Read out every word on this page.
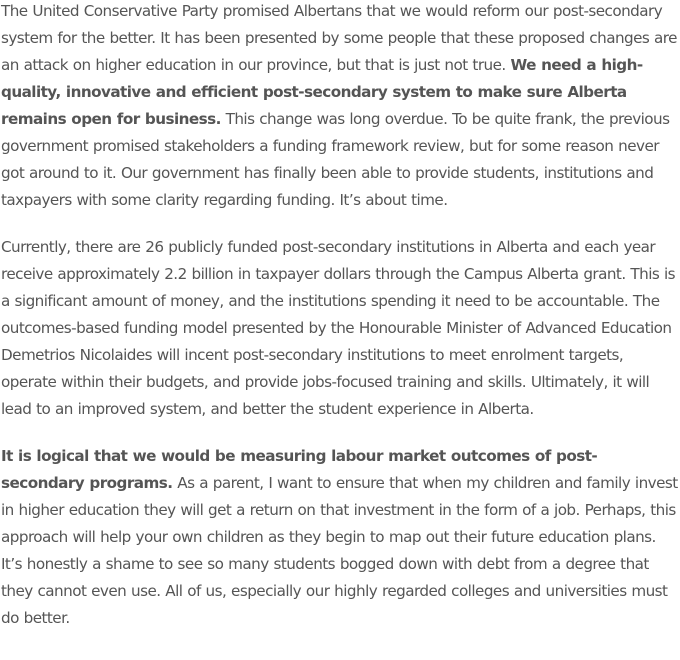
The United Conservative Party promised Albertans that we would reform our post-secondary system for the better. It has been presented by some people that these proposed changes are an attack on higher education in our province, but that is just not true. We need a high-quality, innovative and efficient post-secondary system to make sure Alberta remains open for business. This change was long overdue. To be quite frank, the previous government promised stakeholders a funding framework review, but for some reason never got around to it. Our government has finally been able to provide students, institutions and taxpayers with some clarity regarding funding. It’s about time.

Currently, there are 26 publicly funded post-secondary institutions in Alberta and each year receive approximately 2.2 billion in taxpayer dollars through the Campus Alberta grant. This is a significant amount of money, and the institutions spending it need to be accountable. The outcomes-based funding model presented by the Honourable Minister of Advanced Education Demetrios Nicolaides will incent post-secondary institutions to meet enrolment targets, operate within their budgets, and provide jobs-focused training and skills. Ultimately, it will lead to an improved system, and better the student experience in Alberta.

It is logical that we would be measuring labour market outcomes of post-secondary programs. As a parent, I want to ensure that when my children and family invest in higher education they will get a return on that investment in the form of a job. Perhaps, this approach will help your own children as they begin to map out their future education plans. It’s honestly a shame to see so many students bogged down with debt from a degree that they cannot even use. All of us, especially our highly regarded colleges and universities must do better.
